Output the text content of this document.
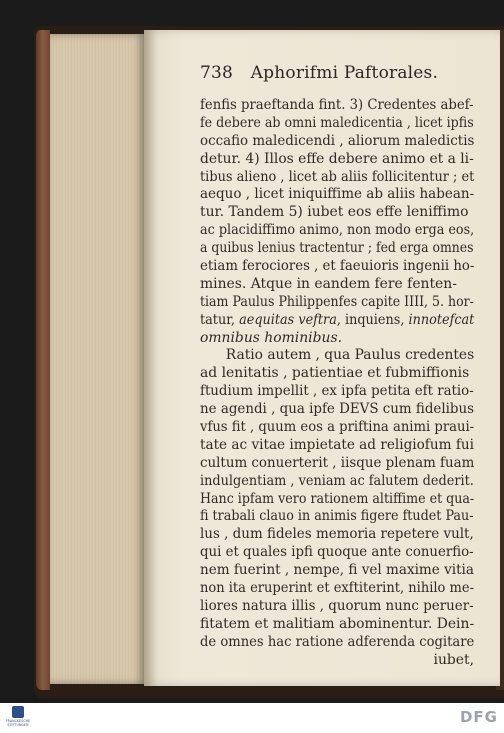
738 Aphorifmi Paftorales.
fenfis praeftanda fint. 3) Credentes abef-
fe debere ab omni maledicentia , licet ipfis
occafio maledicendi , aliorum maledictis
detur. 4) Illos effe debere animo et a li-
tibus alieno , licet ab aliis follicitentur ; et
aequo , licet iniquiffime ab aliis habean-
tur. Tandem 5) iubet eos effe leniffimo
ac placidiffimo animo, non modo erga eos,
a quibus lenius tractentur ; fed erga omnes
etiam ferociores , et faeuioris ingenii ho-
mines. Atque in eandem fere fenten-
tiam Paulus Philippenfes capite IIII, 5. hor-
tatur, aequitas veftra, inquiens, innotefcat
omnibus hominibus.
Ratio autem , qua Paulus credentes
ad lenitatis , patientiae et fubmiffionis
ftudium impellit , ex ipfa petita eft ratio-
ne agendi , qua ipfe DEVS cum fidelibus
vfus fit , quum eos a priftina animi praui-
tate ac vitae impietate ad religiofum fui
cultum conuerterit , iisque plenam fuam
indulgentiam , veniam ac falutem dederit.
Hanc ipfam vero rationem altiffime et qua-
fi trabali clauo in animis figere ftudet Pau-
lus , dum fideles memoria repetere vult,
qui et quales ipfi quoque ante conuerfio-
nem fuerint , nempe, fi vel maxime vitia
non ita eruperint et exftiterint, nihilo me-
liores natura illis , quorum nunc peruer-
fitatem et malitiam abominentur. Dein-
de omnes hac ratione adferenda cogitare
iubet,
FRANCKESCHE STIFTUNGEN	DFG
